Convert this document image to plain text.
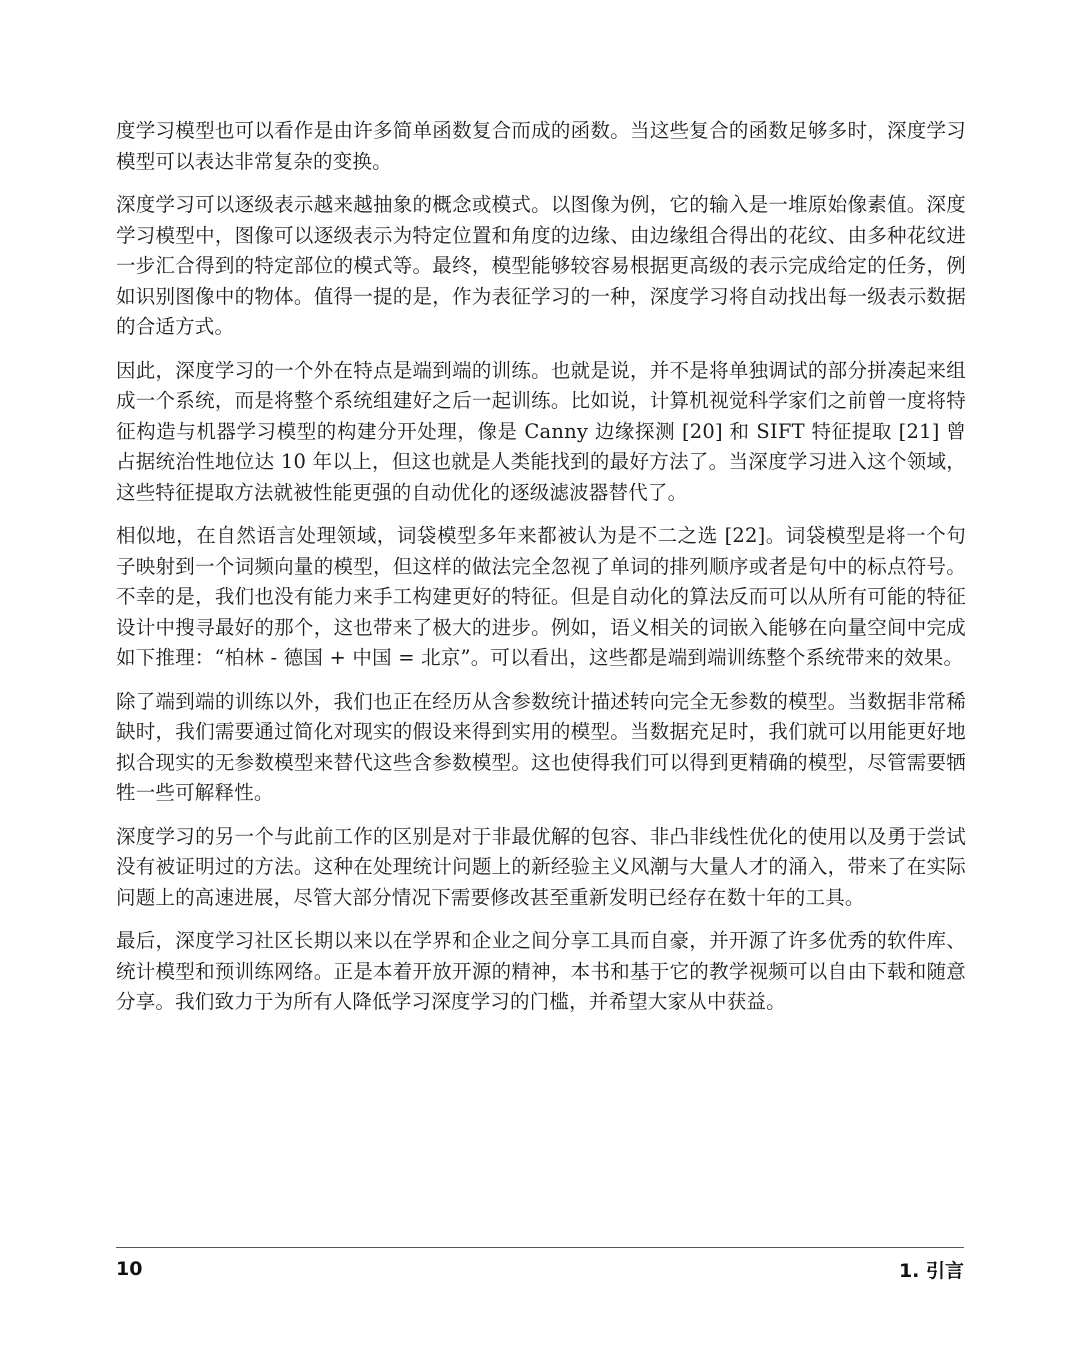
度学习模型也可以看作是由许多简单函数复合而成的函数。当这些复合的函数足够多时，深度学习模型可以表达非常复杂的变换。

深度学习可以逐级表示越来越抽象的概念或模式。以图像为例，它的输入是一堆原始像素值。深度学习模型中，图像可以逐级表示为特定位置和角度的边缘、由边缘组合得出的花纹、由多种花纹进一步汇合得到的特定部位的模式等。最终，模型能够较容易根据更高级的表示完成给定的任务，例如识别图像中的物体。值得一提的是，作为表征学习的一种，深度学习将自动找出每一级表示数据的合适方式。

因此，深度学习的一个外在特点是端到端的训练。也就是说，并不是将单独调试的部分拼凑起来组成一个系统，而是将整个系统组建好之后一起训练。比如说，计算机视觉科学家们之前曾一度将特征构造与机器学习模型的构建分开处理，像是 Canny 边缘探测 [20] 和 SIFT 特征提取 [21] 曾占据统治性地位达 10 年以上，但这也就是人类能找到的最好方法了。当深度学习进入这个领域，这些特征提取方法就被性能更强的自动优化的逐级滤波器替代了。

相似地，在自然语言处理领域，词袋模型多年来都被认为是不二之选 [22]。词袋模型是将一个句子映射到一个词频向量的模型，但这样的做法完全忽视了单词的排列顺序或者是句中的标点符号。不幸的是，我们也没有能力来手工构建更好的特征。但是自动化的算法反而可以从所有可能的特征设计中搜寻最好的那个，这也带来了极大的进步。例如，语义相关的词嵌入能够在向量空间中完成如下推理：“柏林 - 德国 + 中国 = 北京”。可以看出，这些都是端到端训练整个系统带来的效果。

除了端到端的训练以外，我们也正在经历从含参数统计描述转向完全无参数的模型。当数据非常稀缺时，我们需要通过简化对现实的假设来得到实用的模型。当数据充足时，我们就可以用能更好地拟合现实的无参数模型来替代这些含参数模型。这也使得我们可以得到更精确的模型，尽管需要牺牲一些可解释性。

深度学习的另一个与此前工作的区别是对于非最优解的包容、非凸非线性优化的使用以及勇于尝试没有被证明过的方法。这种在处理统计问题上的新经验主义风潮与大量人才的涌入，带来了在实际问题上的高速进展，尽管大部分情况下需要修改甚至重新发明已经存在数十年的工具。

最后，深度学习社区长期以来以在学界和企业之间分享工具而自豪，并开源了许多优秀的软件库、统计模型和预训练网络。正是本着开放开源的精神，本书和基于它的教学视频可以自由下载和随意分享。我们致力于为所有人降低学习深度学习的门槛，并希望大家从中获益。

10	1. 引言
